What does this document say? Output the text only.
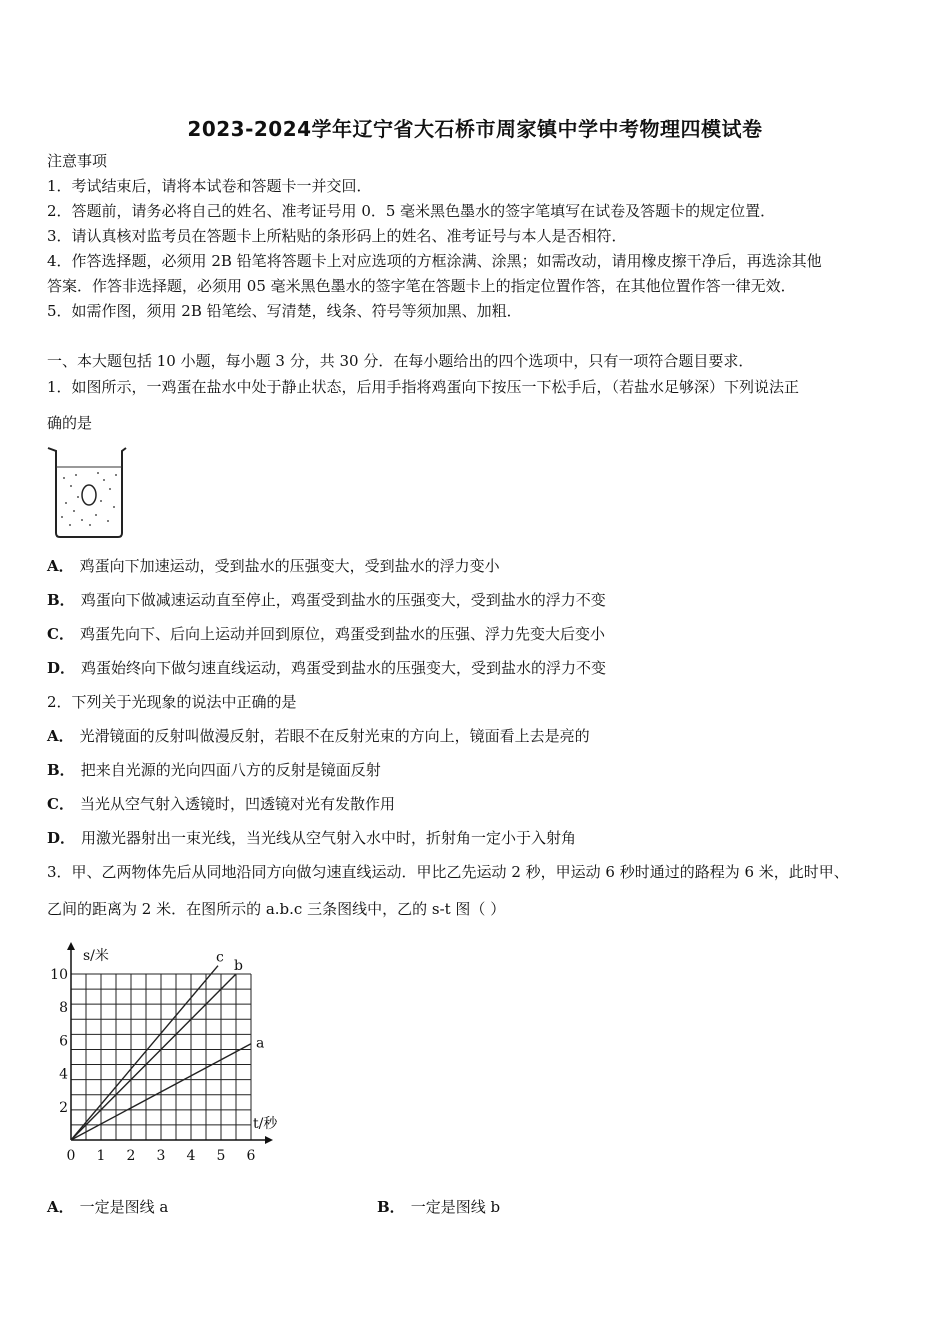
2023-2024学年辽宁省大石桥市周家镇中学中考物理四模试卷
注意事项
1．考试结束后，请将本试卷和答题卡一并交回．
2．答题前，请务必将自己的姓名、准考证号用 0．5 毫米黑色墨水的签字笔填写在试卷及答题卡的规定位置．
3．请认真核对监考员在答题卡上所粘贴的条形码上的姓名、准考证号与本人是否相符．
4．作答选择题，必须用 2B 铅笔将答题卡上对应选项的方框涂满、涂黑；如需改动，请用橡皮擦干净后，再选涂其他
答案．作答非选择题，必须用 05 毫米黑色墨水的签字笔在答题卡上的指定位置作答，在其他位置作答一律无效．
5．如需作图，须用 2B 铅笔绘、写清楚，线条、符号等须加黑、加粗．
一、本大题包括 10 小题，每小题 3 分，共 30 分．在每小题给出的四个选项中，只有一项符合题目要求．
1．如图所示，一鸡蛋在盐水中处于静止状态，后用手指将鸡蛋向下按压一下松手后，（若盐水足够深）下列说法正
确的是
A． 鸡蛋向下加速运动，受到盐水的压强变大，受到盐水的浮力变小
B． 鸡蛋向下做减速运动直至停止，鸡蛋受到盐水的压强变大，受到盐水的浮力不变
C． 鸡蛋先向下、后向上运动并回到原位，鸡蛋受到盐水的压强、浮力先变大后变小
D． 鸡蛋始终向下做匀速直线运动，鸡蛋受到盐水的压强变大，受到盐水的浮力不变
2．下列关于光现象的说法中正确的是
A． 光滑镜面的反射叫做漫反射，若眼不在反射光束的方向上，镜面看上去是亮的
B． 把来自光源的光向四面八方的反射是镜面反射
C． 当光从空气射入透镜时，凹透镜对光有发散作用
D． 用激光器射出一束光线，当光线从空气射入水中时，折射角一定小于入射角
3．甲、乙两物体先后从同地沿同方向做匀速直线运动．甲比乙先运动 2 秒，甲运动 6 秒时通过的路程为 6 米，此时甲、
乙间的距离为 2 米．在图所示的 a.b.c 三条图线中，乙的 s-t 图（ ）
0 1 2 3 4 5 6
2
4
6
8
10
s/米
t/秒
a
b
c
A． 一定是图线 a	B． 一定是图线 b
